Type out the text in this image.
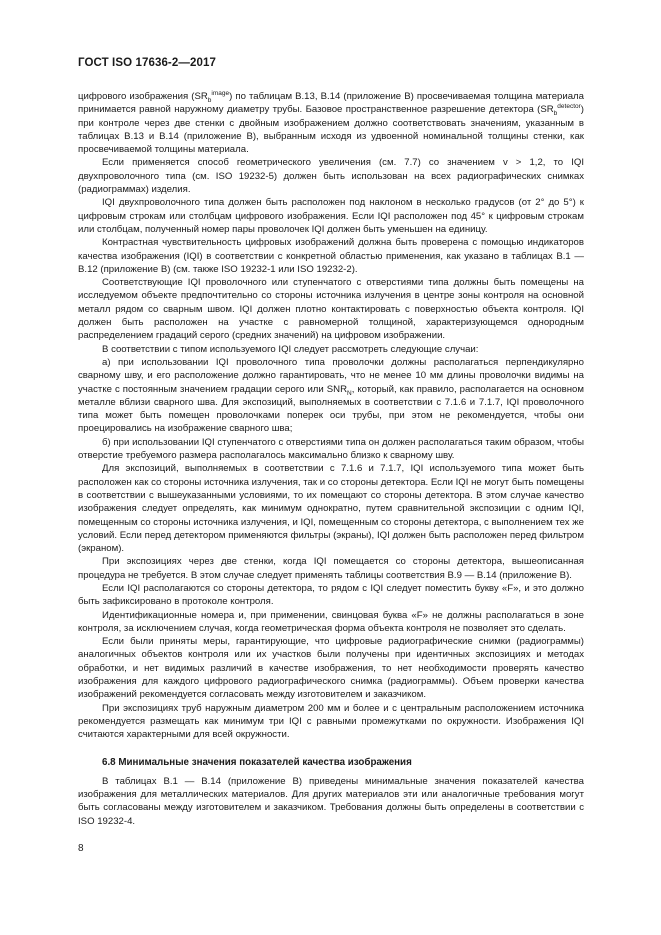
ГОСТ ISO 17636-2—2017

цифрового изображения $(SR_b^{image})$ по таблицам B.13, B.14 (приложение В) просвечиваемая толщина материала принимается равной наружному диаметру трубы. Базовое пространственное разрешение детектора $(SR_b^{detector})$ при контроле через две стенки с двойным изображением должно соответствовать значениям, указанным в таблицах В.13 и В.14 (приложение В), выбранным исходя из удвоенной номинальной толщины стенки, как просвечиваемой толщины материала.

Если применяется способ геометрического увеличения (см. 7.7) со значением v > 1,2, то IQI двухпроволочного типа (см. ISO 19232-5) должен быть использован на всех радиографических снимках (радиограммах) изделия.

IQI двухпроволочного типа должен быть расположен под наклоном в несколько градусов (от 2° до 5°) к цифровым строкам или столбцам цифрового изображения. Если IQI расположен под 45° к цифровым строкам или столбцам, полученный номер пары проволочек IQI должен быть уменьшен на единицу.

Контрастная чувствительность цифровых изображений должна быть проверена с помощью индикаторов качества изображения (IQI) в соответствии с конкретной областью применения, как указано в таблицах В.1 — В.12 (приложение В) (см. также ISO 19232-1 или ISO 19232-2).

Соответствующие IQI проволочного или ступенчатого с отверстиями типа должны быть помещены на исследуемом объекте предпочтительно со стороны источника излучения в центре зоны контроля на основной металл рядом со сварным швом. IQI должен плотно контактировать с поверхностью объекта контроля. IQI должен быть расположен на участке с равномерной толщиной, характеризующемся однородным распределением градаций серого (средних значений) на цифровом изображении.

В соответствии с типом используемого IQI следует рассмотреть следующие случаи:

а) при использовании IQI проволочного типа проволочки должны располагаться перпендикулярно сварному шву, и его расположение должно гарантировать, что не менее 10 мм длины проволочки видимы на участке с постоянным значением градации серого или $SNR_N$, который, как правило, располагается на основном металле вблизи сварного шва. Для экспозиций, выполняемых в соответствии с 7.1.6 и 7.1.7, IQI проволочного типа может быть помещен проволочками поперек оси трубы, при этом не рекомендуется, чтобы они проецировались на изображение сварного шва;

б) при использовании IQI ступенчатого с отверстиями типа он должен располагаться таким образом, чтобы отверстие требуемого размера располагалось максимально близко к сварному шву.

Для экспозиций, выполняемых в соответствии с 7.1.6 и 7.1.7, IQI используемого типа может быть расположен как со стороны источника излучения, так и со стороны детектора. Если IQI не могут быть помещены в соответствии с вышеуказанными условиями, то их помещают со стороны детектора. В этом случае качество изображения следует определять, как минимум однократно, путем сравнительной экспозиции с одним IQI, помещенным со стороны источника излучения, и IQI, помещенным со стороны детектора, с выполнением тех же условий. Если перед детектором применяются фильтры (экраны), IQI должен быть расположен перед фильтром (экраном).

При экспозициях через две стенки, когда IQI помещается со стороны детектора, вышеописанная процедура не требуется. В этом случае следует применять таблицы соответствия В.9 — В.14 (приложение В).

Если IQI располагаются со стороны детектора, то рядом с IQI следует поместить букву «F», и это должно быть зафиксировано в протоколе контроля.

Идентификационные номера и, при применении, свинцовая буква «F» не должны располагаться в зоне контроля, за исключением случая, когда геометрическая форма объекта контроля не позволяет это сделать.

Если были приняты меры, гарантирующие, что цифровые радиографические снимки (радиограммы) аналогичных объектов контроля или их участков были получены при идентичных экспозициях и методах обработки, и нет видимых различий в качестве изображения, то нет необходимости проверять качество изображения для каждого цифрового радиографического снимка (радиограммы). Объем проверки качества изображений рекомендуется согласовать между изготовителем и заказчиком.

При экспозициях труб наружным диаметром 200 мм и более и с центральным расположением источника рекомендуется размещать как минимум три IQI с равными промежутками по окружности. Изображения IQI считаются характерными для всей окружности.

6.8 Минимальные значения показателей качества изображения

В таблицах В.1 — В.14 (приложение В) приведены минимальные значения показателей качества изображения для металлических материалов. Для других материалов эти или аналогичные требования могут быть согласованы между изготовителем и заказчиком. Требования должны быть определены в соответствии с ISO 19232-4.

8
